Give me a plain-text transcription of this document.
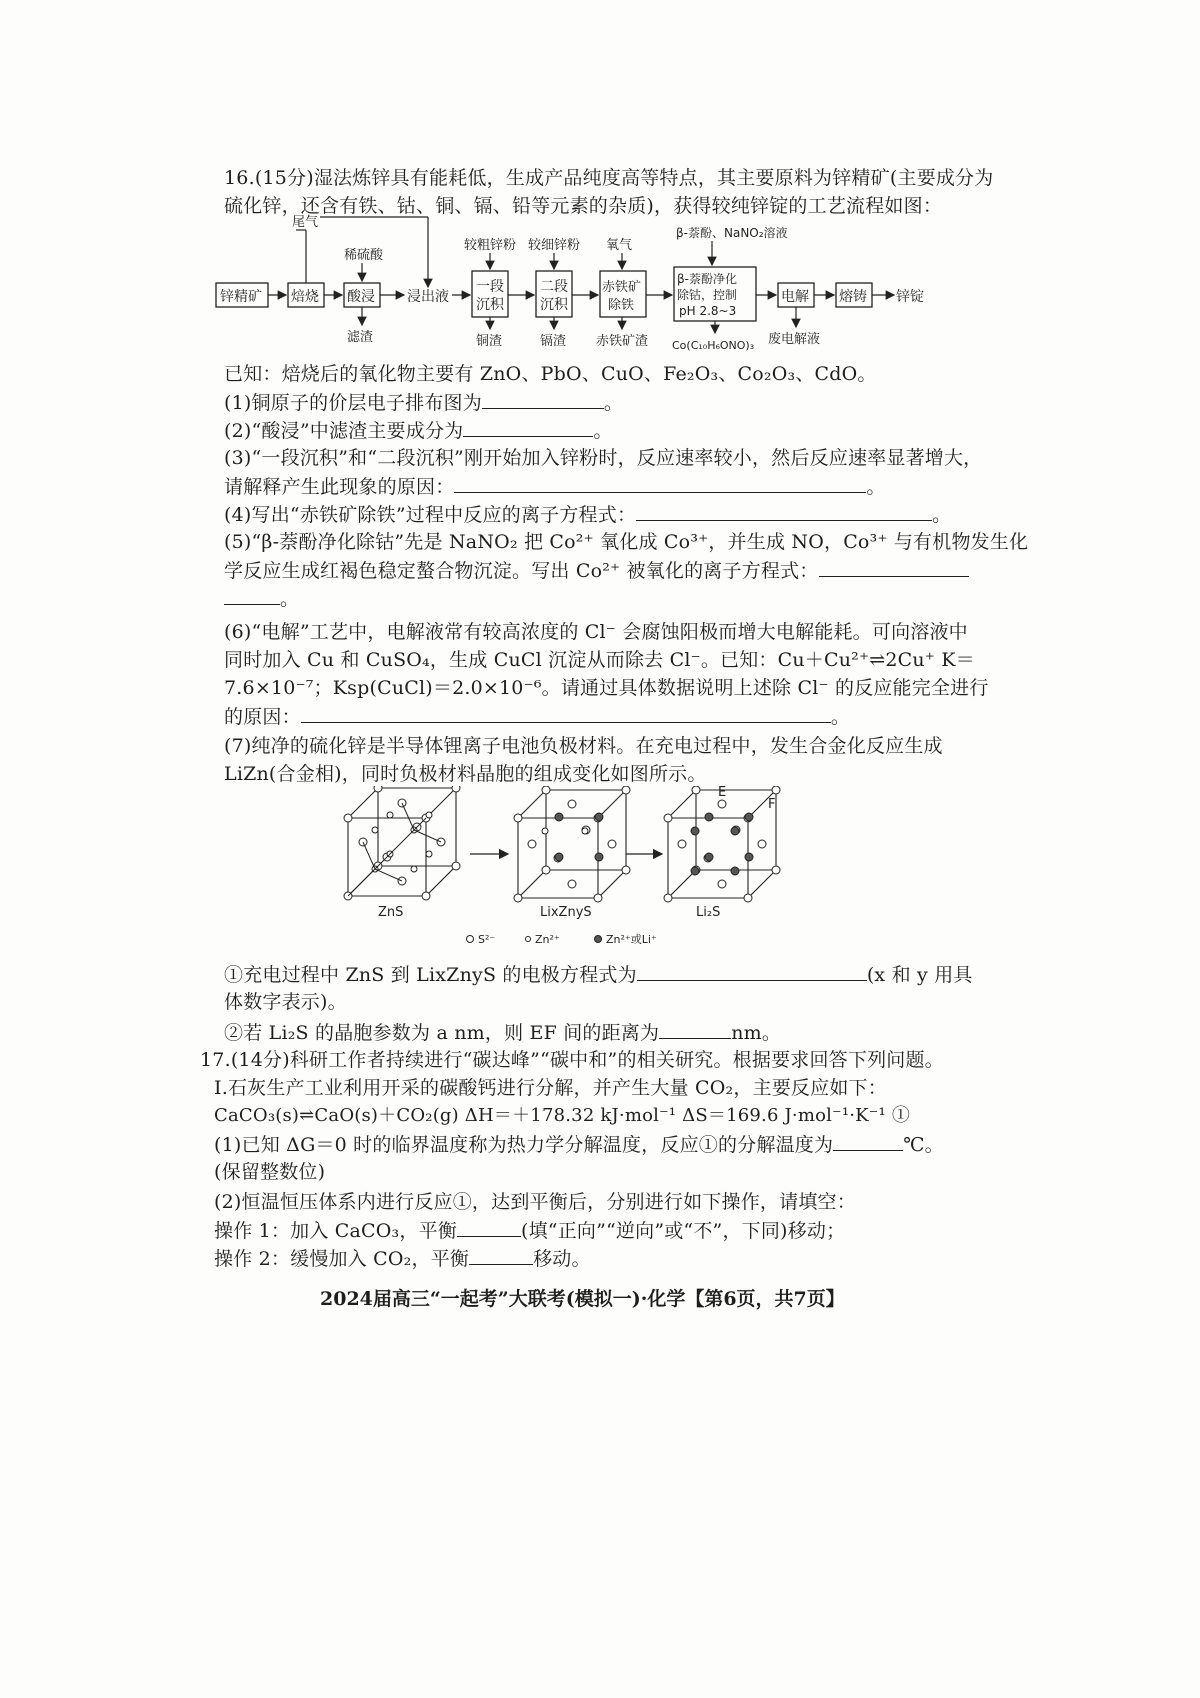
16.(15分)湿法炼锌具有能耗低，生成产品纯度高等特点，其主要原料为锌精矿(主要成分为
硫化锌，还含有铁、钴、铜、镉、铅等元素的杂质)，获得较纯锌锭的工艺流程如图：
锌精矿 焙烧
尾气
酸浸
稀硫酸
滤渣
浸出液
较粗锌粉
一段
沉积
铜渣
较细锌粉
二段
沉积
镉渣
氧气
赤铁矿
除铁
赤铁矿渣
β-萘酚、NaNO₂溶液
β-萘酚净化
除钴，控制
pH 2.8~3
Co(C₁₀H₆ONO)₃
电解
废电解液
熔铸 锌锭
已知：焙烧后的氧化物主要有 ZnO、PbO、CuO、Fe₂O₃、Co₂O₃、CdO。
(1)铜原子的价层电子排布图为	。
(2)“酸浸”中滤渣主要成分为	。
(3)“一段沉积”和“二段沉积”刚开始加入锌粉时，反应速率较小，然后反应速率显著增大，
请解释产生此现象的原因：	。
(4)写出“赤铁矿除铁”过程中反应的离子方程式：	。
(5)“β-萘酚净化除钴”先是 NaNO₂ 把 Co²⁺ 氧化成 Co³⁺，并生成 NO，Co³⁺ 与有机物发生化
学反应生成红褐色稳定螯合物沉淀。写出 Co²⁺ 被氧化的离子方程式：
。
(6)“电解”工艺中，电解液常有较高浓度的 Cl⁻ 会腐蚀阳极而增大电解能耗。可向溶液中
同时加入 Cu 和 CuSO₄，生成 CuCl 沉淀从而除去 Cl⁻。已知：Cu＋Cu²⁺⇌2Cu⁺ K＝
7.6×10⁻⁷；Ksp(CuCl)＝2.0×10⁻⁶。请通过具体数据说明上述除 Cl⁻ 的反应能完全进行
的原因：	。
(7)纯净的硫化锌是半导体锂离子电池负极材料。在充电过程中，发生合金化反应生成
LiZn(合金相)，同时负极材料晶胞的组成变化如图所示。
ZnS	LixZnyS	Li₂S
E
F
S²⁻	Zn²⁺	Zn²⁺或Li⁺
①充电过程中 ZnS 到 LixZnyS 的电极方程式为	(x 和 y 用具
体数字表示)。
②若 Li₂S 的晶胞参数为 a nm，则 EF 间的距离为	nm。
17.(14分)科研工作者持续进行“碳达峰”“碳中和”的相关研究。根据要求回答下列问题。
Ⅰ.石灰生产工业利用开采的碳酸钙进行分解，并产生大量 CO₂，主要反应如下：
CaCO₃(s)⇌CaO(s)＋CO₂(g) ΔH＝＋178.32 kJ·mol⁻¹ ΔS＝169.6 J·mol⁻¹·K⁻¹ ①
(1)已知 ΔG＝0 时的临界温度称为热力学分解温度，反应①的分解温度为	℃。
(保留整数位)
(2)恒温恒压体系内进行反应①，达到平衡后，分别进行如下操作，请填空：
操作 1：加入 CaCO₃，平衡	(填“正向”“逆向”或“不”，下同)移动；
操作 2：缓慢加入 CO₂，平衡	移动。
2024届高三“一起考”大联考(模拟一)·化学【第6页，共7页】
